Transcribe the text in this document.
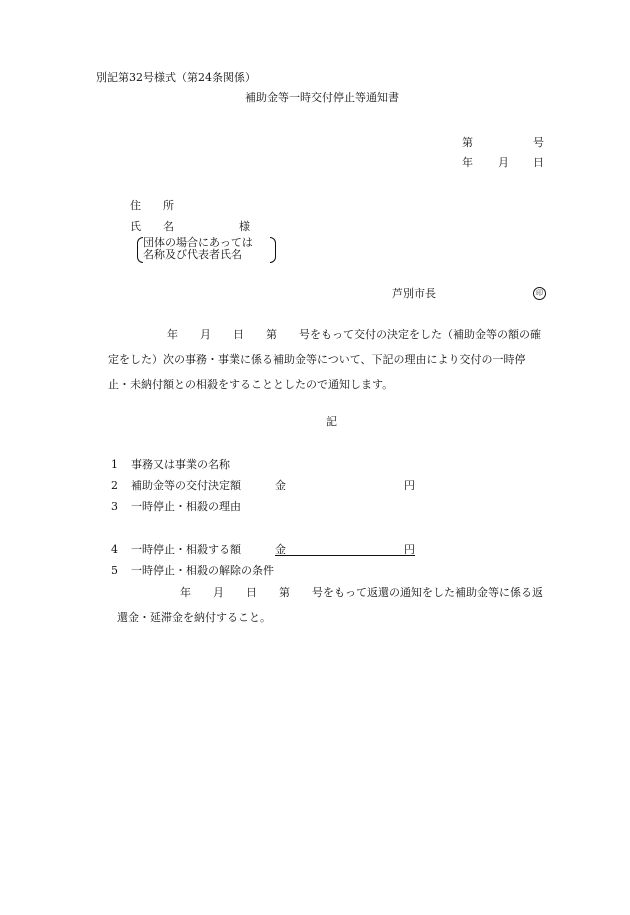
別記第32号様式（第24条関係）
補助金等一時交付停止等通知書
第	号
年 月 日
住　　所
氏　　名	様
団体の場合にあっては
名称及び代表者氏名
芦別市長	印
年　　月　　日　　第　　号をもって交付の決定をした（補助金等の額の確
定をした）次の事務・事業に係る補助金等について、下記の理由により交付の一時停
止・未納付額との相殺をすることとしたので通知します。
記
1 事務又は事業の名称
2 補助金等の交付決定額	金	円
3 一時停止・相殺の理由
4 一時停止・相殺する額	金	円
5 一時停止・相殺の解除の条件
年　　月　　日　　第　　号をもって返還の通知をした補助金等に係る返
還金・延滞金を納付すること。
